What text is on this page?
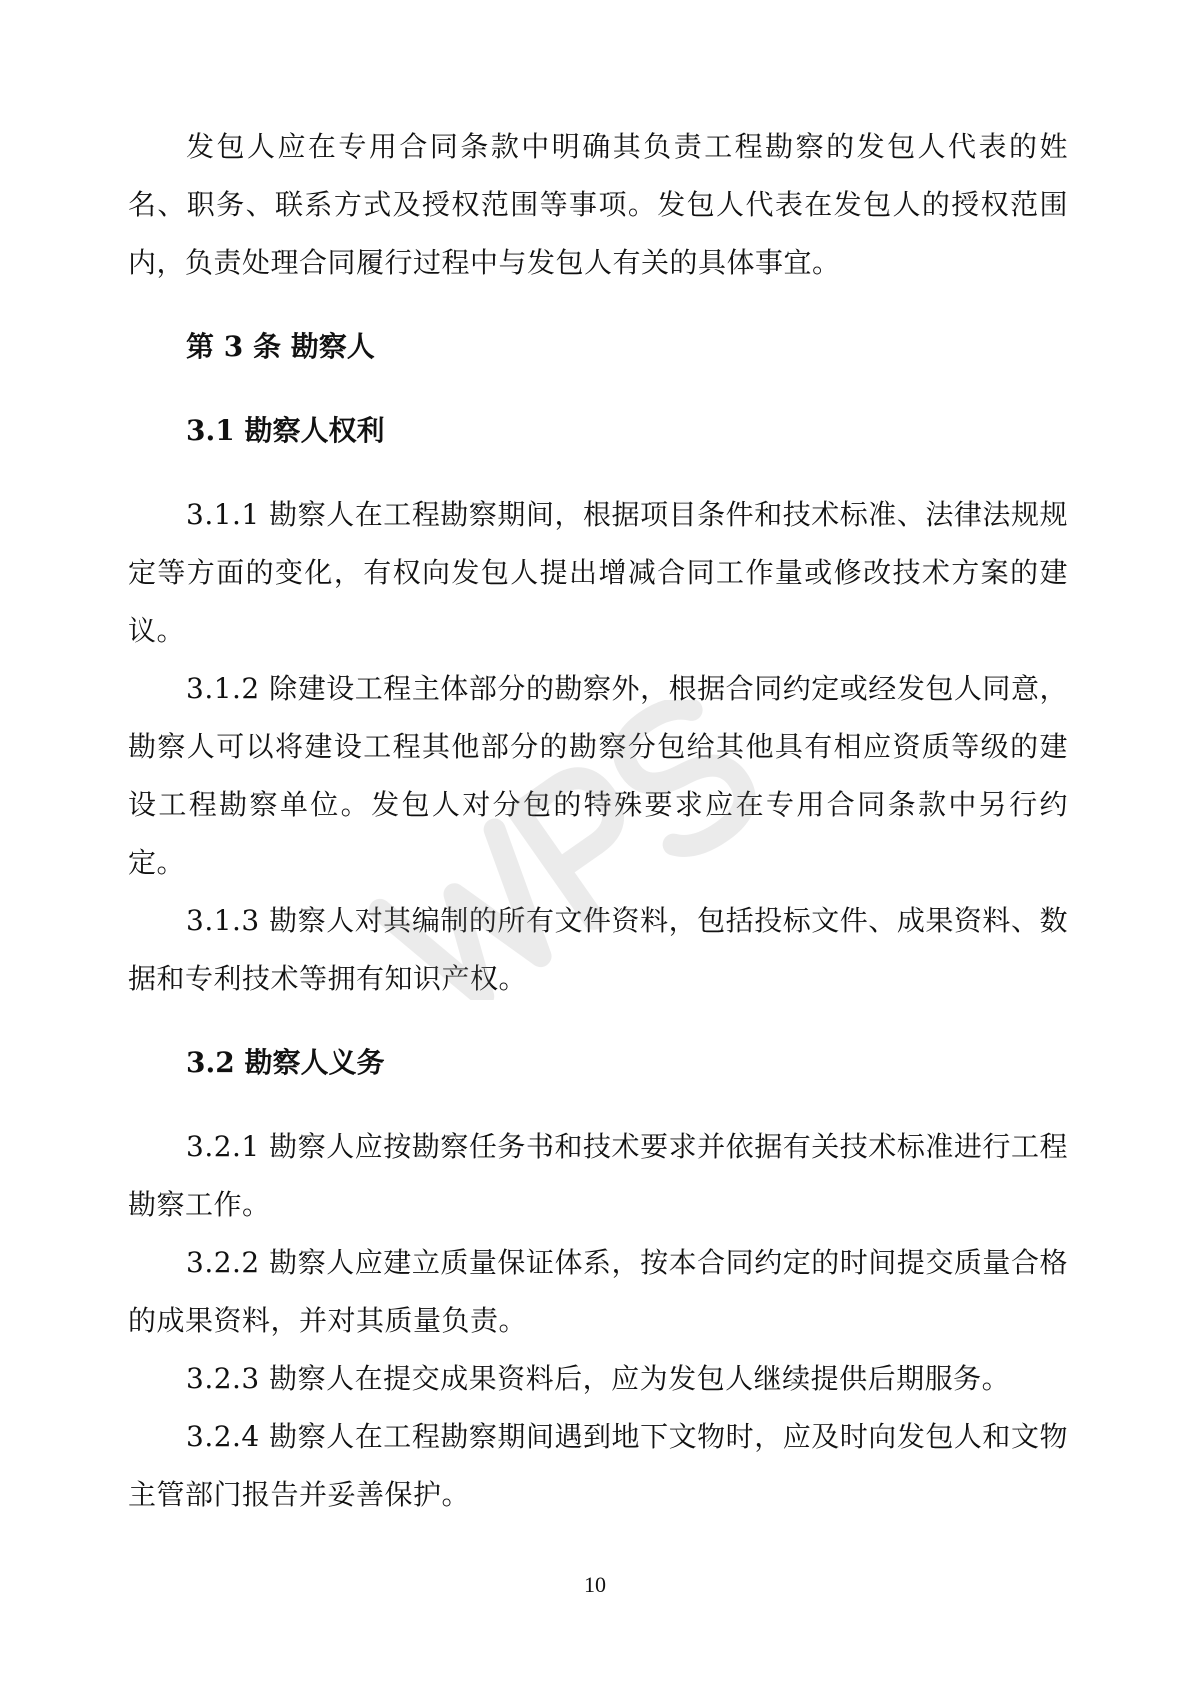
发包人应在专用合同条款中明确其负责工程勘察的发包人代表的姓名、职务、联系方式及授权范围等事项。发包人代表在发包人的授权范围内，负责处理合同履行过程中与发包人有关的具体事宜。

第 3 条 勘察人

3.1 勘察人权利

3.1.1 勘察人在工程勘察期间，根据项目条件和技术标准、法律法规规定等方面的变化，有权向发包人提出增减合同工作量或修改技术方案的建议。

3.1.2 除建设工程主体部分的勘察外，根据合同约定或经发包人同意，勘察人可以将建设工程其他部分的勘察分包给其他具有相应资质等级的建设工程勘察单位。发包人对分包的特殊要求应在专用合同条款中另行约定。

3.1.3 勘察人对其编制的所有文件资料，包括投标文件、成果资料、数据和专利技术等拥有知识产权。

3.2 勘察人义务

3.2.1 勘察人应按勘察任务书和技术要求并依据有关技术标准进行工程勘察工作。

3.2.2 勘察人应建立质量保证体系，按本合同约定的时间提交质量合格的成果资料，并对其质量负责。

3.2.3 勘察人在提交成果资料后，应为发包人继续提供后期服务。

3.2.4 勘察人在工程勘察期间遇到地下文物时，应及时向发包人和文物主管部门报告并妥善保护。

10
